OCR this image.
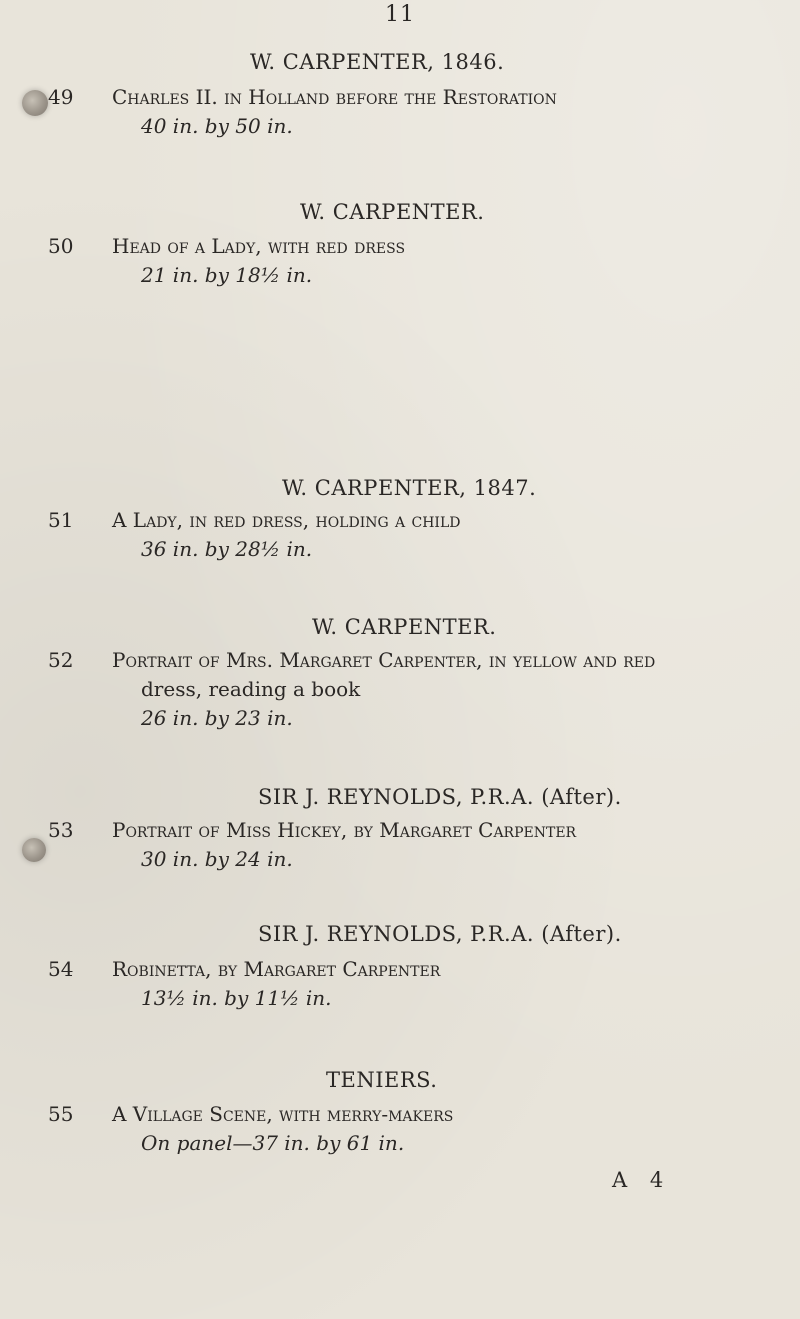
11
W. CARPENTER, 1846.
49	Charles II. in Holland before the Restoration
40 in. by 50 in.
W. CARPENTER.
50	Head of a Lady, with red dress
21 in. by 18½ in.
W. CARPENTER, 1847.
51	A Lady, in red dress, holding a child
36 in. by 28½ in.
W. CARPENTER.
52	Portrait of Mrs. Margaret Carpenter, in yellow and red
dress, reading a book
26 in. by 23 in.
SIR J. REYNOLDS, P.R.A. (After).
53	Portrait of Miss Hickey, by Margaret Carpenter
30 in. by 24 in.
SIR J. REYNOLDS, P.R.A. (After).
54	Robinetta, by Margaret Carpenter
13½ in. by 11½ in.
TENIERS.
55	A Village Scene, with merry-makers
On panel—37 in. by 61 in.
A 4
